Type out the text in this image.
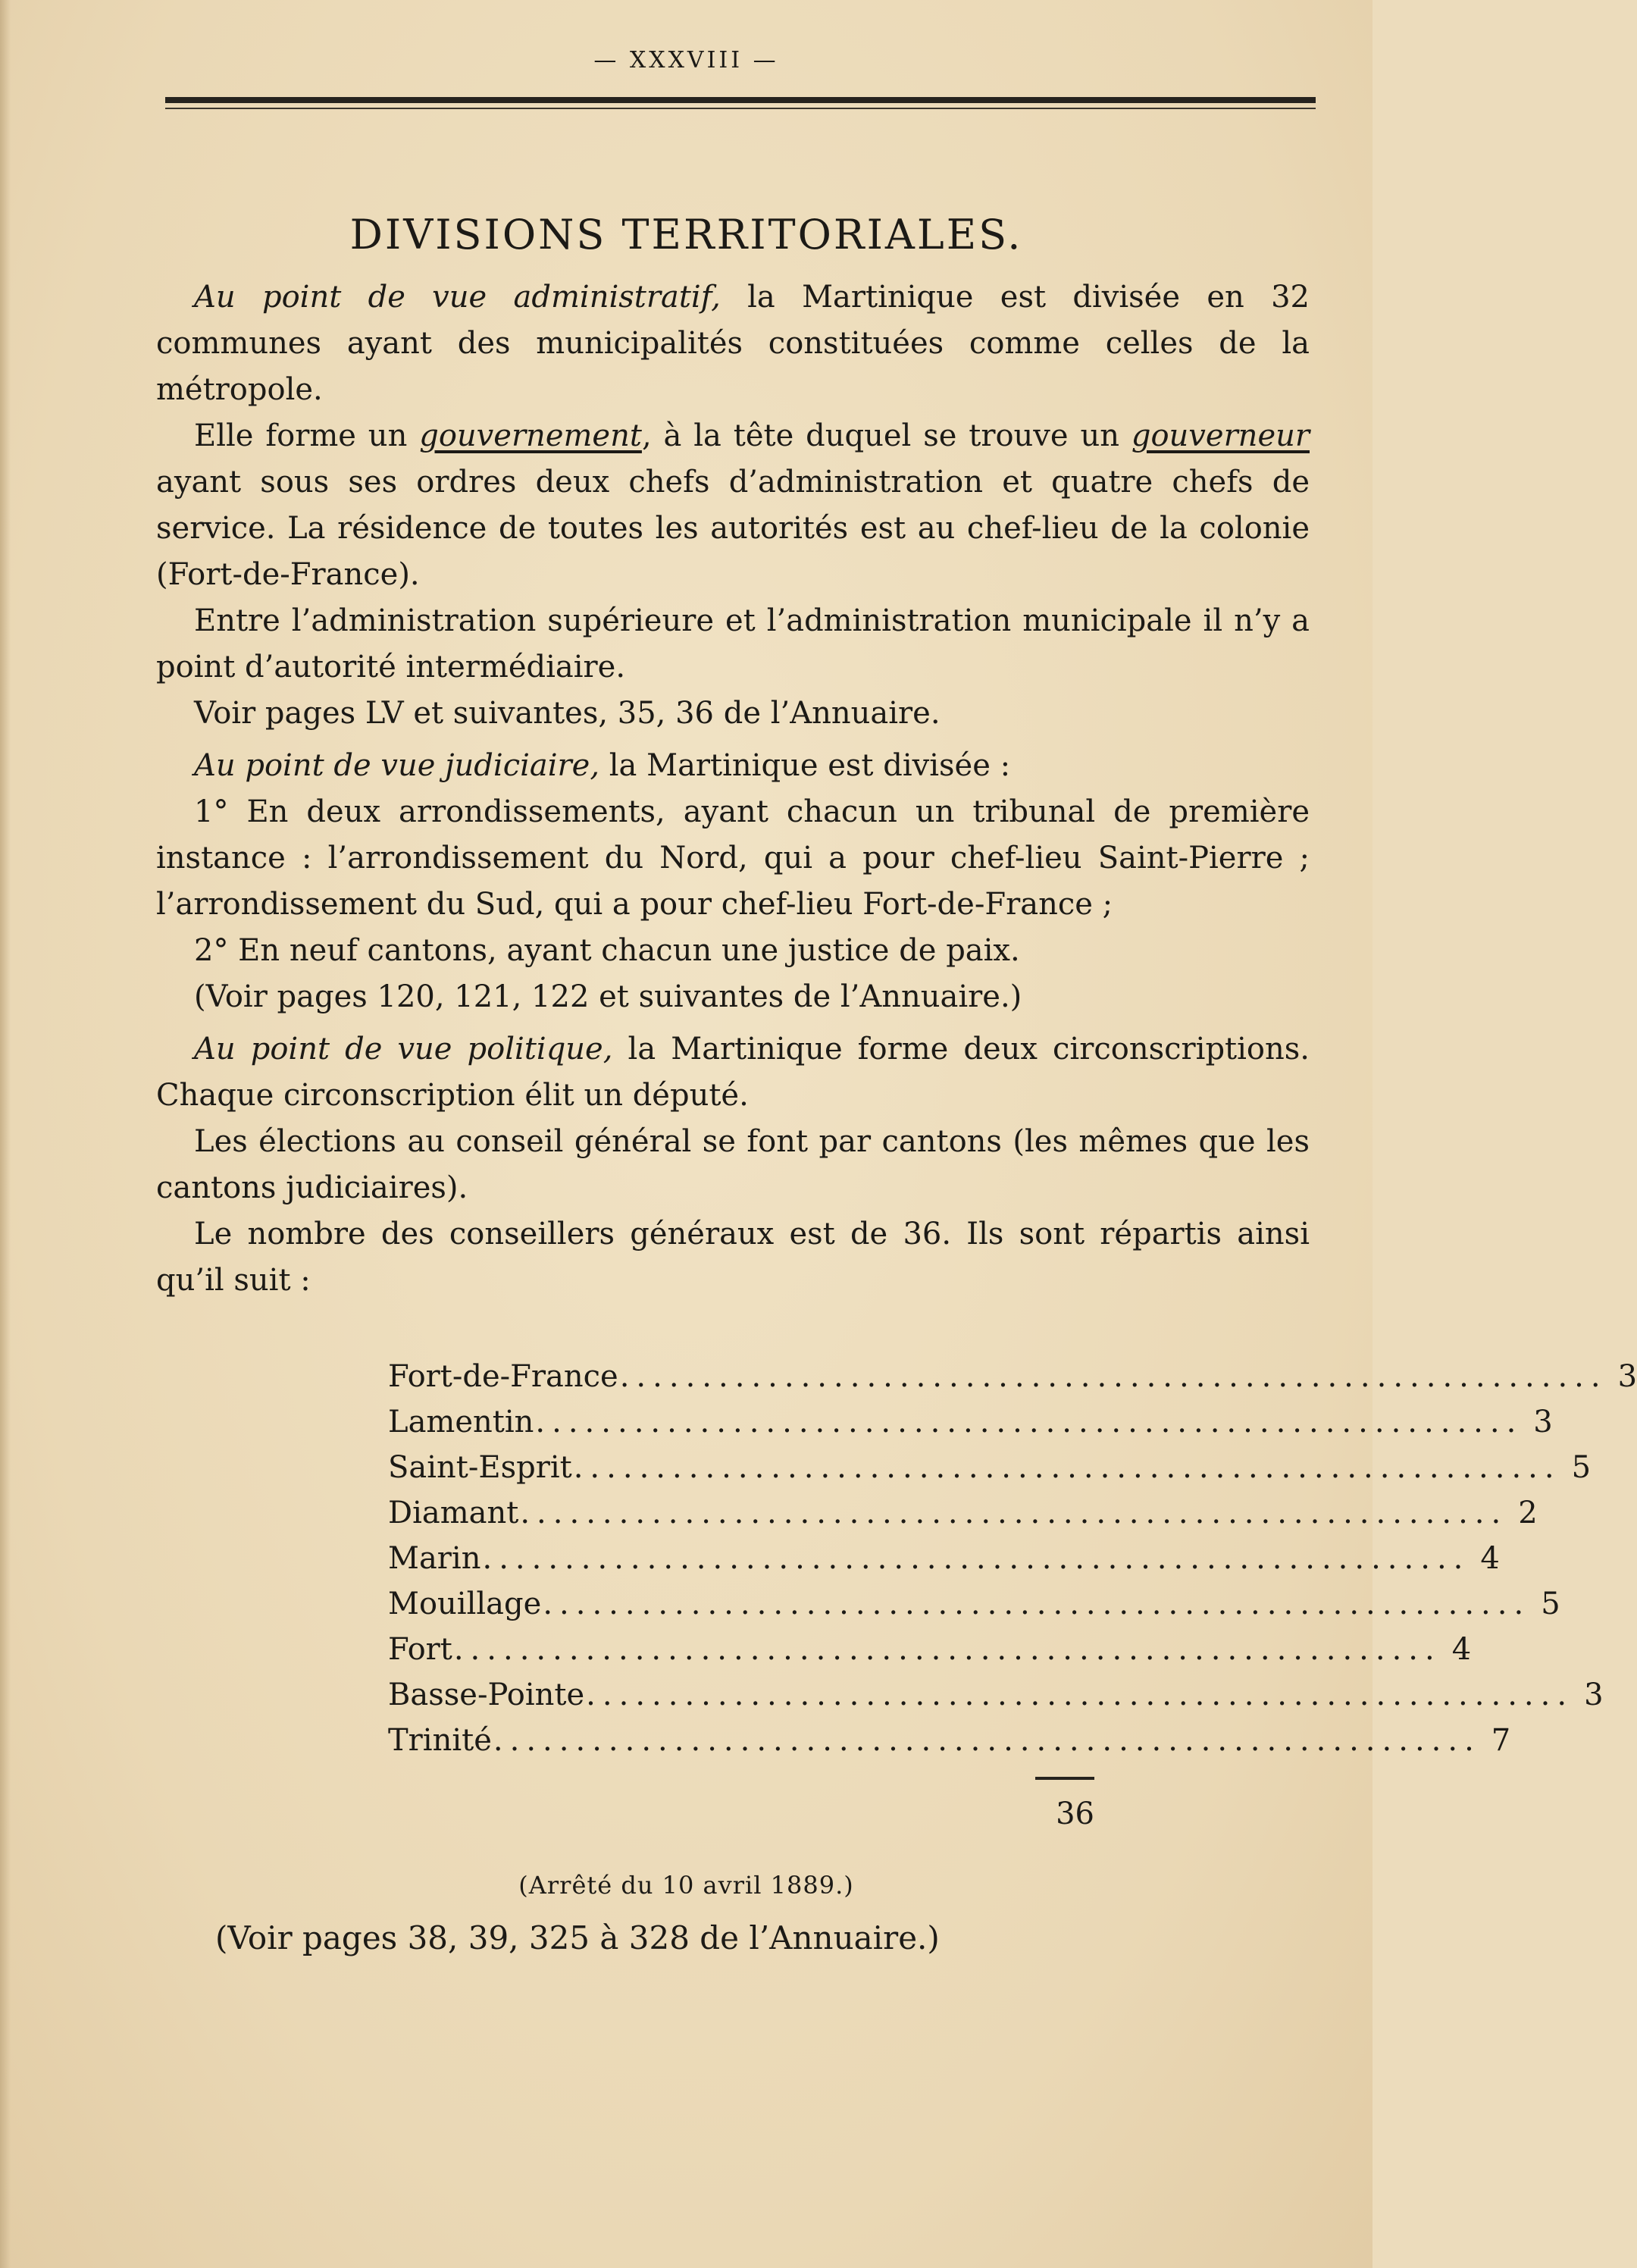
— XXXVIII —
DIVISIONS TERRITORIALES.

Au point de vue administratif, la Martinique est divisée en 32 communes ayant des municipalités constituées comme celles de la métropole.

Elle forme un gouvernement, à la tête duquel se trouve un gouverneur ayant sous ses ordres deux chefs d’administration et quatre chefs de service. La résidence de toutes les autorités est au chef-lieu de la colonie (Fort-de-France).

Entre l’administration supérieure et l’administration municipale il n’y a point d’autorité intermédiaire.

Voir pages LV et suivantes, 35, 36 de l’Annuaire.

Au point de vue judiciaire, la Martinique est divisée :

1° En deux arrondissements, ayant chacun un tribunal de première instance : l’arrondissement du Nord, qui a pour chef-lieu Saint-Pierre ; l’arrondissement du Sud, qui a pour chef-lieu Fort-de-France ;

2° En neuf cantons, ayant chacun une justice de paix.

(Voir pages 120, 121, 122 et suivantes de l’Annuaire.)

Au point de vue politique, la Martinique forme deux circonscriptions. Chaque circonscription élit un député.

Les élections au conseil général se font par cantons (les mêmes que les cantons judiciaires).

Le nombre des conseillers généraux est de 36. Ils sont répartis ainsi qu’il suit :

Fort-de-France ............................................................ 3
Lamentin ............................................................ 3
Saint-Esprit ............................................................ 5
Diamant ............................................................ 2
Marin ............................................................ 4
Mouillage ............................................................ 5
Fort ............................................................ 4
Basse-Pointe ............................................................ 3
Trinité ............................................................ 7
36
(Arrêté du 10 avril 1889.)
(Voir pages 38, 39, 325 à 328 de l’Annuaire.)
